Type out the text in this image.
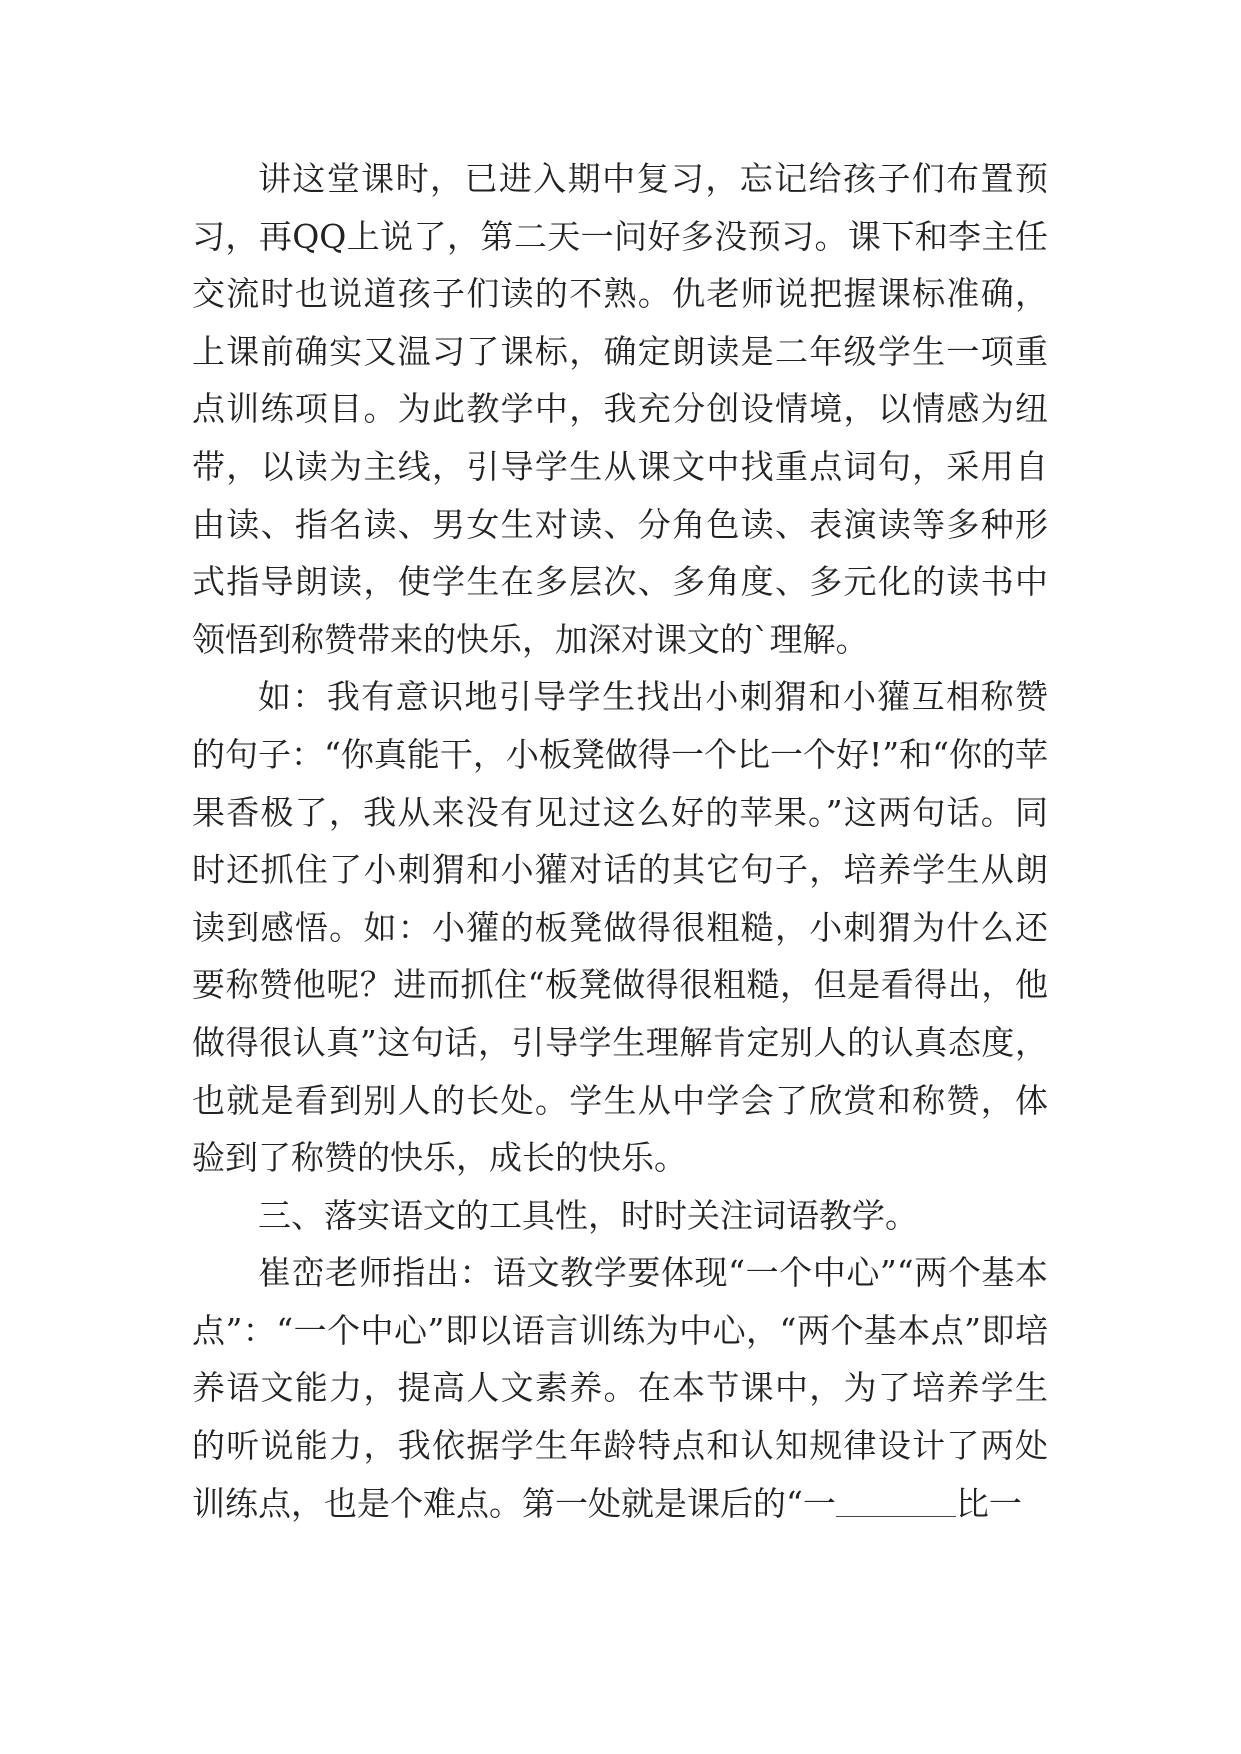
讲这堂课时，已进入期中复习，忘记给孩子们布置预习，再QQ上说了，第二天一问好多没预习。课下和李主任交流时也说道孩子们读的不熟。仇老师说把握课标准确，上课前确实又温习了课标，确定朗读是二年级学生一项重点训练项目。为此教学中，我充分创设情境，以情感为纽带，以读为主线，引导学生从课文中找重点词句，采用自由读、指名读、男女生对读、分角色读、表演读等多种形式指导朗读，使学生在多层次、多角度、多元化的读书中领悟到称赞带来的快乐，加深对课文的`理解。

如：我有意识地引导学生找出小刺猬和小獾互相称赞的句子：“你真能干，小板凳做得一个比一个好!”和“你的苹果香极了，我从来没有见过这么好的苹果。”这两句话。同时还抓住了小刺猬和小獾对话的其它句子，培养学生从朗读到感悟。如：小獾的板凳做得很粗糙，小刺猬为什么还要称赞他呢？进而抓住“板凳做得很粗糙，但是看得出，他做得很认真”这句话，引导学生理解肯定别人的认真态度，也就是看到别人的长处。学生从中学会了欣赏和称赞，体验到了称赞的快乐，成长的快乐。

三、落实语文的工具性，时时关注词语教学。

崔峦老师指出：语文教学要体现“一个中心”“两个基本点”：“一个中心”即以语言训练为中心，“两个基本点”即培养语文能力，提高人文素养。在本节课中，为了培养学生的听说能力，我依据学生年龄特点和认知规律设计了两处训练点，也是个难点。第一处就是课后的“一	比一
